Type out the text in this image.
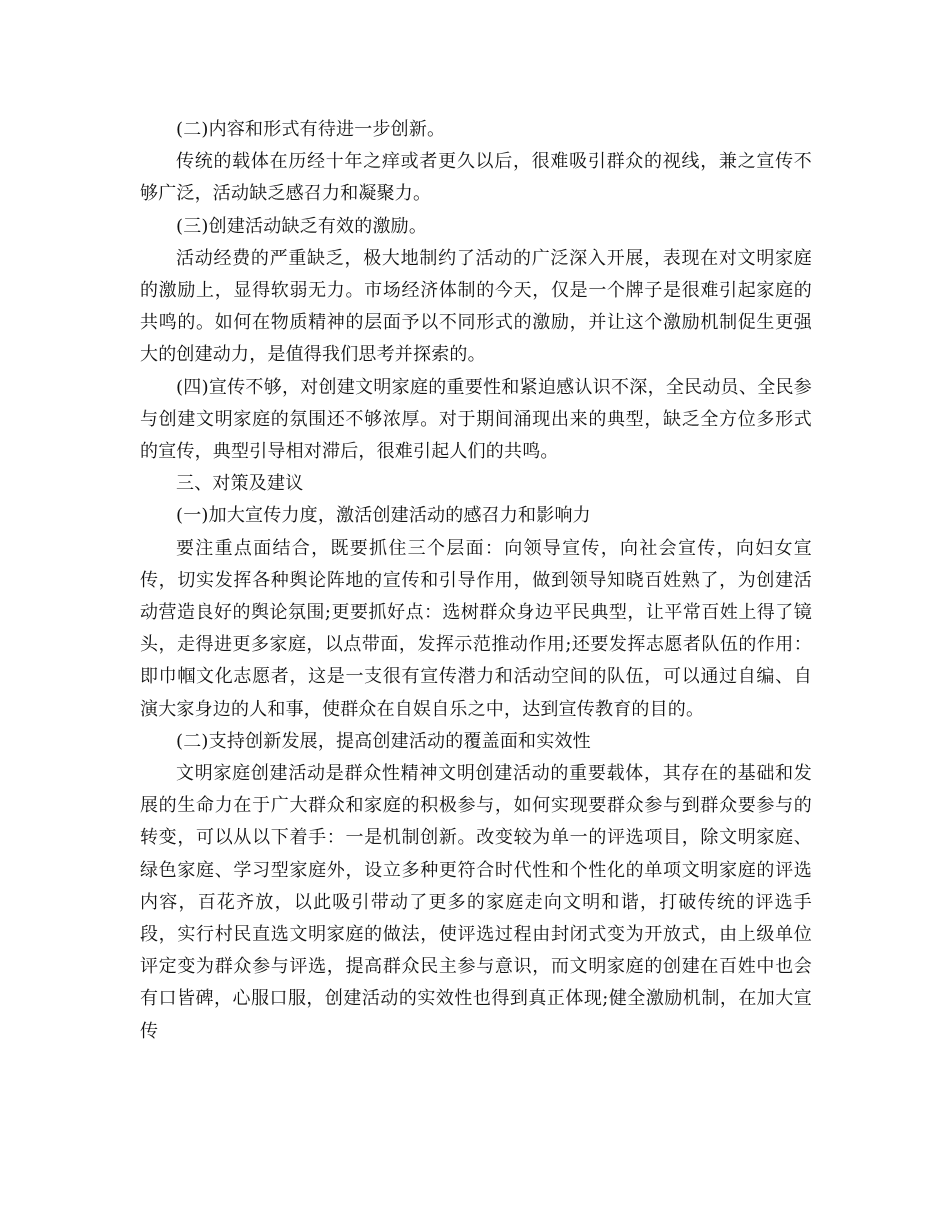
(二)内容和形式有待进一步创新。

传统的载体在历经十年之痒或者更久以后，很难吸引群众的视线，兼之宣传不够广泛，活动缺乏感召力和凝聚力。

(三)创建活动缺乏有效的激励。

活动经费的严重缺乏，极大地制约了活动的广泛深入开展，表现在对文明家庭的激励上，显得软弱无力。市场经济体制的今天，仅是一个牌子是很难引起家庭的共鸣的。如何在物质精神的层面予以不同形式的激励，并让这个激励机制促生更强大的创建动力，是值得我们思考并探索的。

(四)宣传不够，对创建文明家庭的重要性和紧迫感认识不深，全民动员、全民参与创建文明家庭的氛围还不够浓厚。对于期间涌现出来的典型，缺乏全方位多形式的宣传，典型引导相对滞后，很难引起人们的共鸣。

三、对策及建议

(一)加大宣传力度，激活创建活动的感召力和影响力

要注重点面结合，既要抓住三个层面：向领导宣传，向社会宣传，向妇女宣传，切实发挥各种舆论阵地的宣传和引导作用，做到领导知晓百姓熟了，为创建活动营造良好的舆论氛围;更要抓好点：选树群众身边平民典型，让平常百姓上得了镜头，走得进更多家庭，以点带面，发挥示范推动作用;还要发挥志愿者队伍的作用：即巾帼文化志愿者，这是一支很有宣传潜力和活动空间的队伍，可以通过自编、自演大家身边的人和事，使群众在自娱自乐之中，达到宣传教育的目的。

(二)支持创新发展，提高创建活动的覆盖面和实效性

文明家庭创建活动是群众性精神文明创建活动的重要载体，其存在的基础和发展的生命力在于广大群众和家庭的积极参与，如何实现要群众参与到群众要参与的转变，可以从以下着手：一是机制创新。改变较为单一的评选项目，除文明家庭、绿色家庭、学习型家庭外，设立多种更符合时代性和个性化的单项文明家庭的评选内容，百花齐放，以此吸引带动了更多的家庭走向文明和谐，打破传统的评选手段，实行村民直选文明家庭的做法，使评选过程由封闭式变为开放式，由上级单位评定变为群众参与评选，提高群众民主参与意识，而文明家庭的创建在百姓中也会有口皆碑，心服口服，创建活动的实效性也得到真正体现;健全激励机制，在加大宣传
